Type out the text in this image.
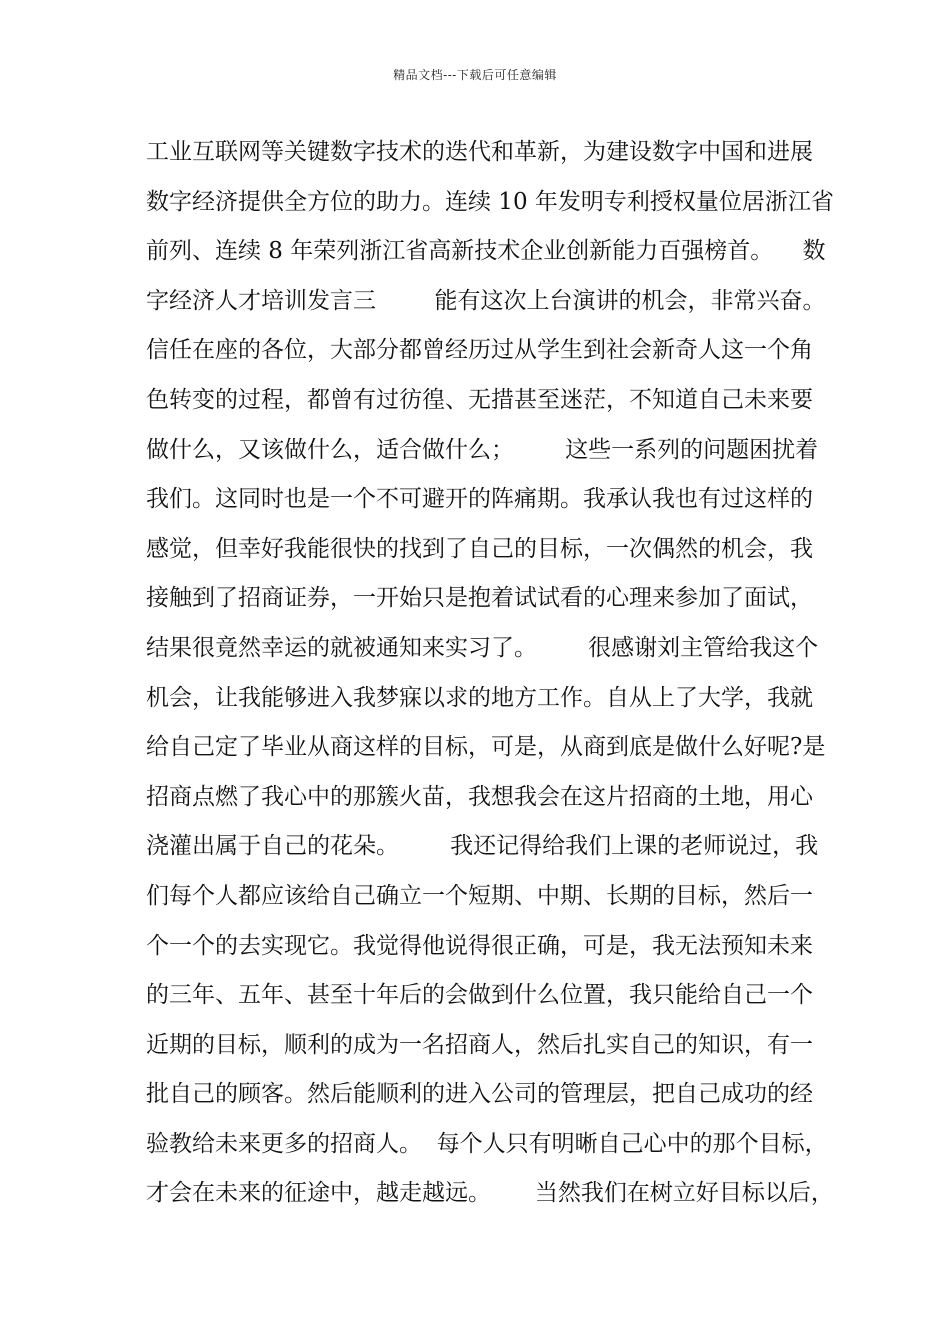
精品文档---下载后可任意编辑
工业互联网等关键数字技术的迭代和革新，为建设数字中国和进展
数字经济提供全方位的助力。连续 10 年发明专利授权量位居浙江省
前列、连续 8 年荣列浙江省高新技术企业创新能力百强榜首。    数
字经济人才培训发言三        能有这次上台演讲的机会，非常兴奋。
信任在座的各位，大部分都曾经历过从学生到社会新奇人这一个角
色转变的过程，都曾有过彷徨、无措甚至迷茫，不知道自己未来要
做什么，又该做什么，适合做什么；       这些一系列的问题困扰着
我们。这同时也是一个不可避开的阵痛期。我承认我也有过这样的
感觉，但幸好我能很快的找到了自己的目标，一次偶然的机会，我
接触到了招商证券，一开始只是抱着试试看的心理来参加了面试，
结果很竟然幸运的就被通知来实习了。       很感谢刘主管给我这个
机会，让我能够进入我梦寐以求的地方工作。自从上了大学，我就
给自己定了毕业从商这样的目标，可是，从商到底是做什么好呢?是
招商点燃了我心中的那簇火苗，我想我会在这片招商的土地，用心
浇灌出属于自己的花朵。       我还记得给我们上课的老师说过，我
们每个人都应该给自己确立一个短期、中期、长期的目标，然后一
个一个的去实现它。我觉得他说得很正确，可是，我无法预知未来
的三年、五年、甚至十年后的会做到什么位置，我只能给自己一个
近期的目标，顺利的成为一名招商人，然后扎实自己的知识，有一
批自己的顾客。然后能顺利的进入公司的管理层，把自己成功的经
验教给未来更多的招商人。  每个人只有明晰自己心中的那个目标，
才会在未来的征途中，越走越远。      当然我们在树立好目标以后，
